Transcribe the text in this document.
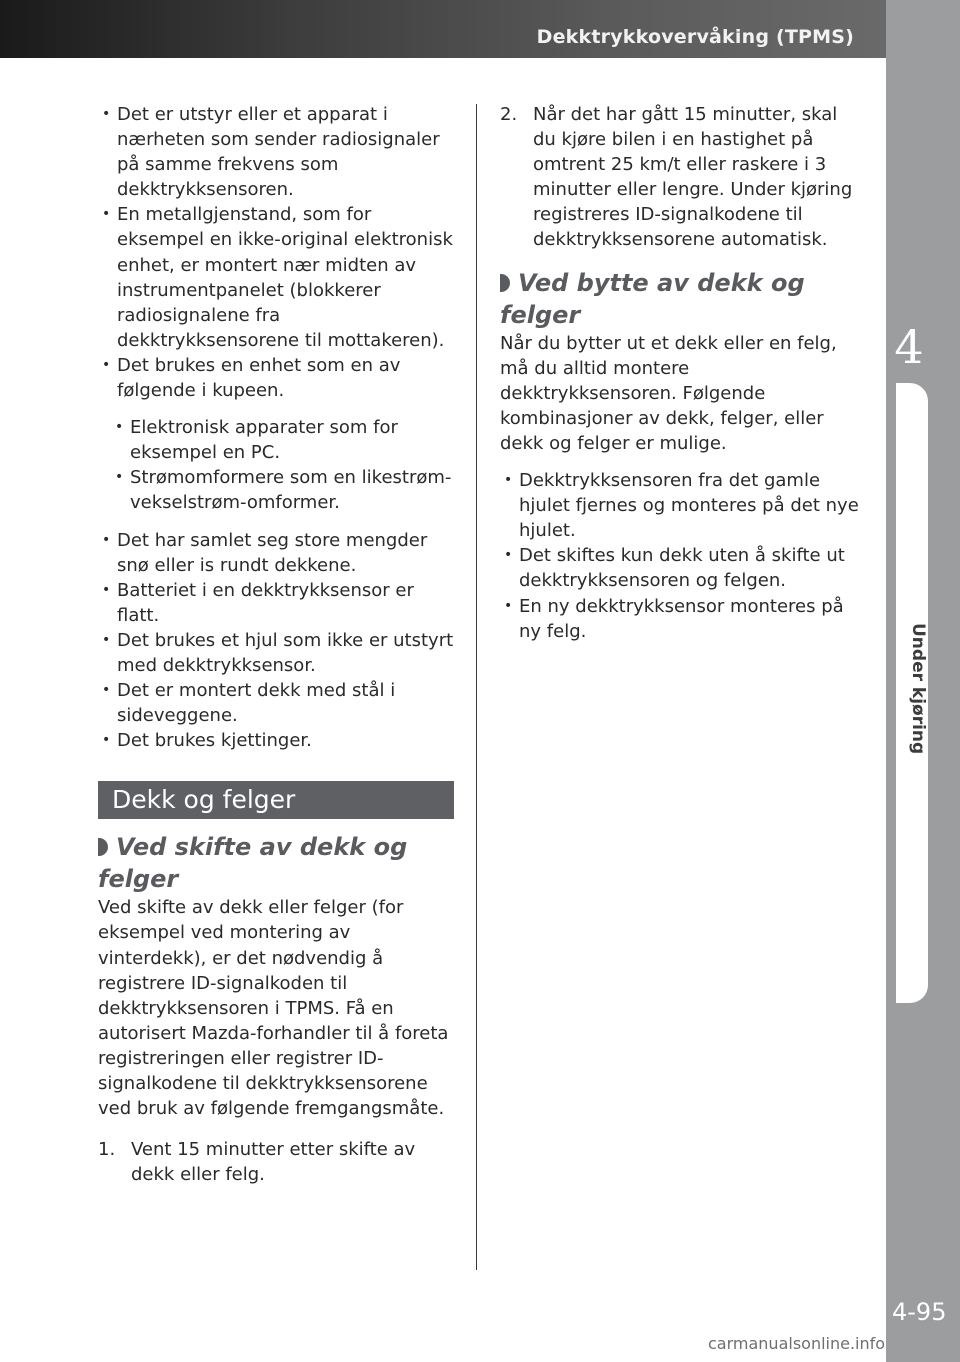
Dekktrykkovervåking (TPMS)
4
Under kjøring
4-95
carmanualsonline.info
• Det er utstyr eller et apparat i nærheten som sender radiosignaler på samme frekvens som dekktrykksensoren.
• En metallgjenstand, som for eksempel en ikke-original elektronisk enhet, er montert nær midten av instrumentpanelet (blokkerer radiosignalene fra dekktrykksensorene til mottakeren).
• Det brukes en enhet som en av følgende i kupeen.
• Elektronisk apparater som for eksempel en PC.
• Strømomformere som en likestrøm-vekselstrøm-omformer.
• Det har samlet seg store mengder snø eller is rundt dekkene.
• Batteriet i en dekktrykksensor er flatt.
• Det brukes et hjul som ikke er utstyrt med dekktrykksensor.
• Det er montert dekk med stål i sideveggene.
• Det brukes kjettinger.
Dekk og felger
Ved skifte av dekk og felger
Ved skifte av dekk eller felger (for eksempel ved montering av vinterdekk), er det nødvendig å registrere ID-signalkoden til dekktrykksensoren i TPMS. Få en autorisert Mazda-forhandler til å foreta registreringen eller registrer ID-signalkodene til dekktrykksensorene ved bruk av følgende fremgangsmåte.
1. Vent 15 minutter etter skifte av dekk eller felg.
2. Når det har gått 15 minutter, skal du kjøre bilen i en hastighet på omtrent 25 km/t eller raskere i 3 minutter eller lengre. Under kjøring registreres ID-signalkodene til dekktrykksensorene automatisk.
Ved bytte av dekk og felger
Når du bytter ut et dekk eller en felg, må du alltid montere dekktrykksensoren. Følgende kombinasjoner av dekk, felger, eller dekk og felger er mulige.
• Dekktrykksensoren fra det gamle hjulet fjernes og monteres på det nye hjulet.
• Det skiftes kun dekk uten å skifte ut dekktrykksensoren og felgen.
• En ny dekktrykksensor monteres på ny felg.
